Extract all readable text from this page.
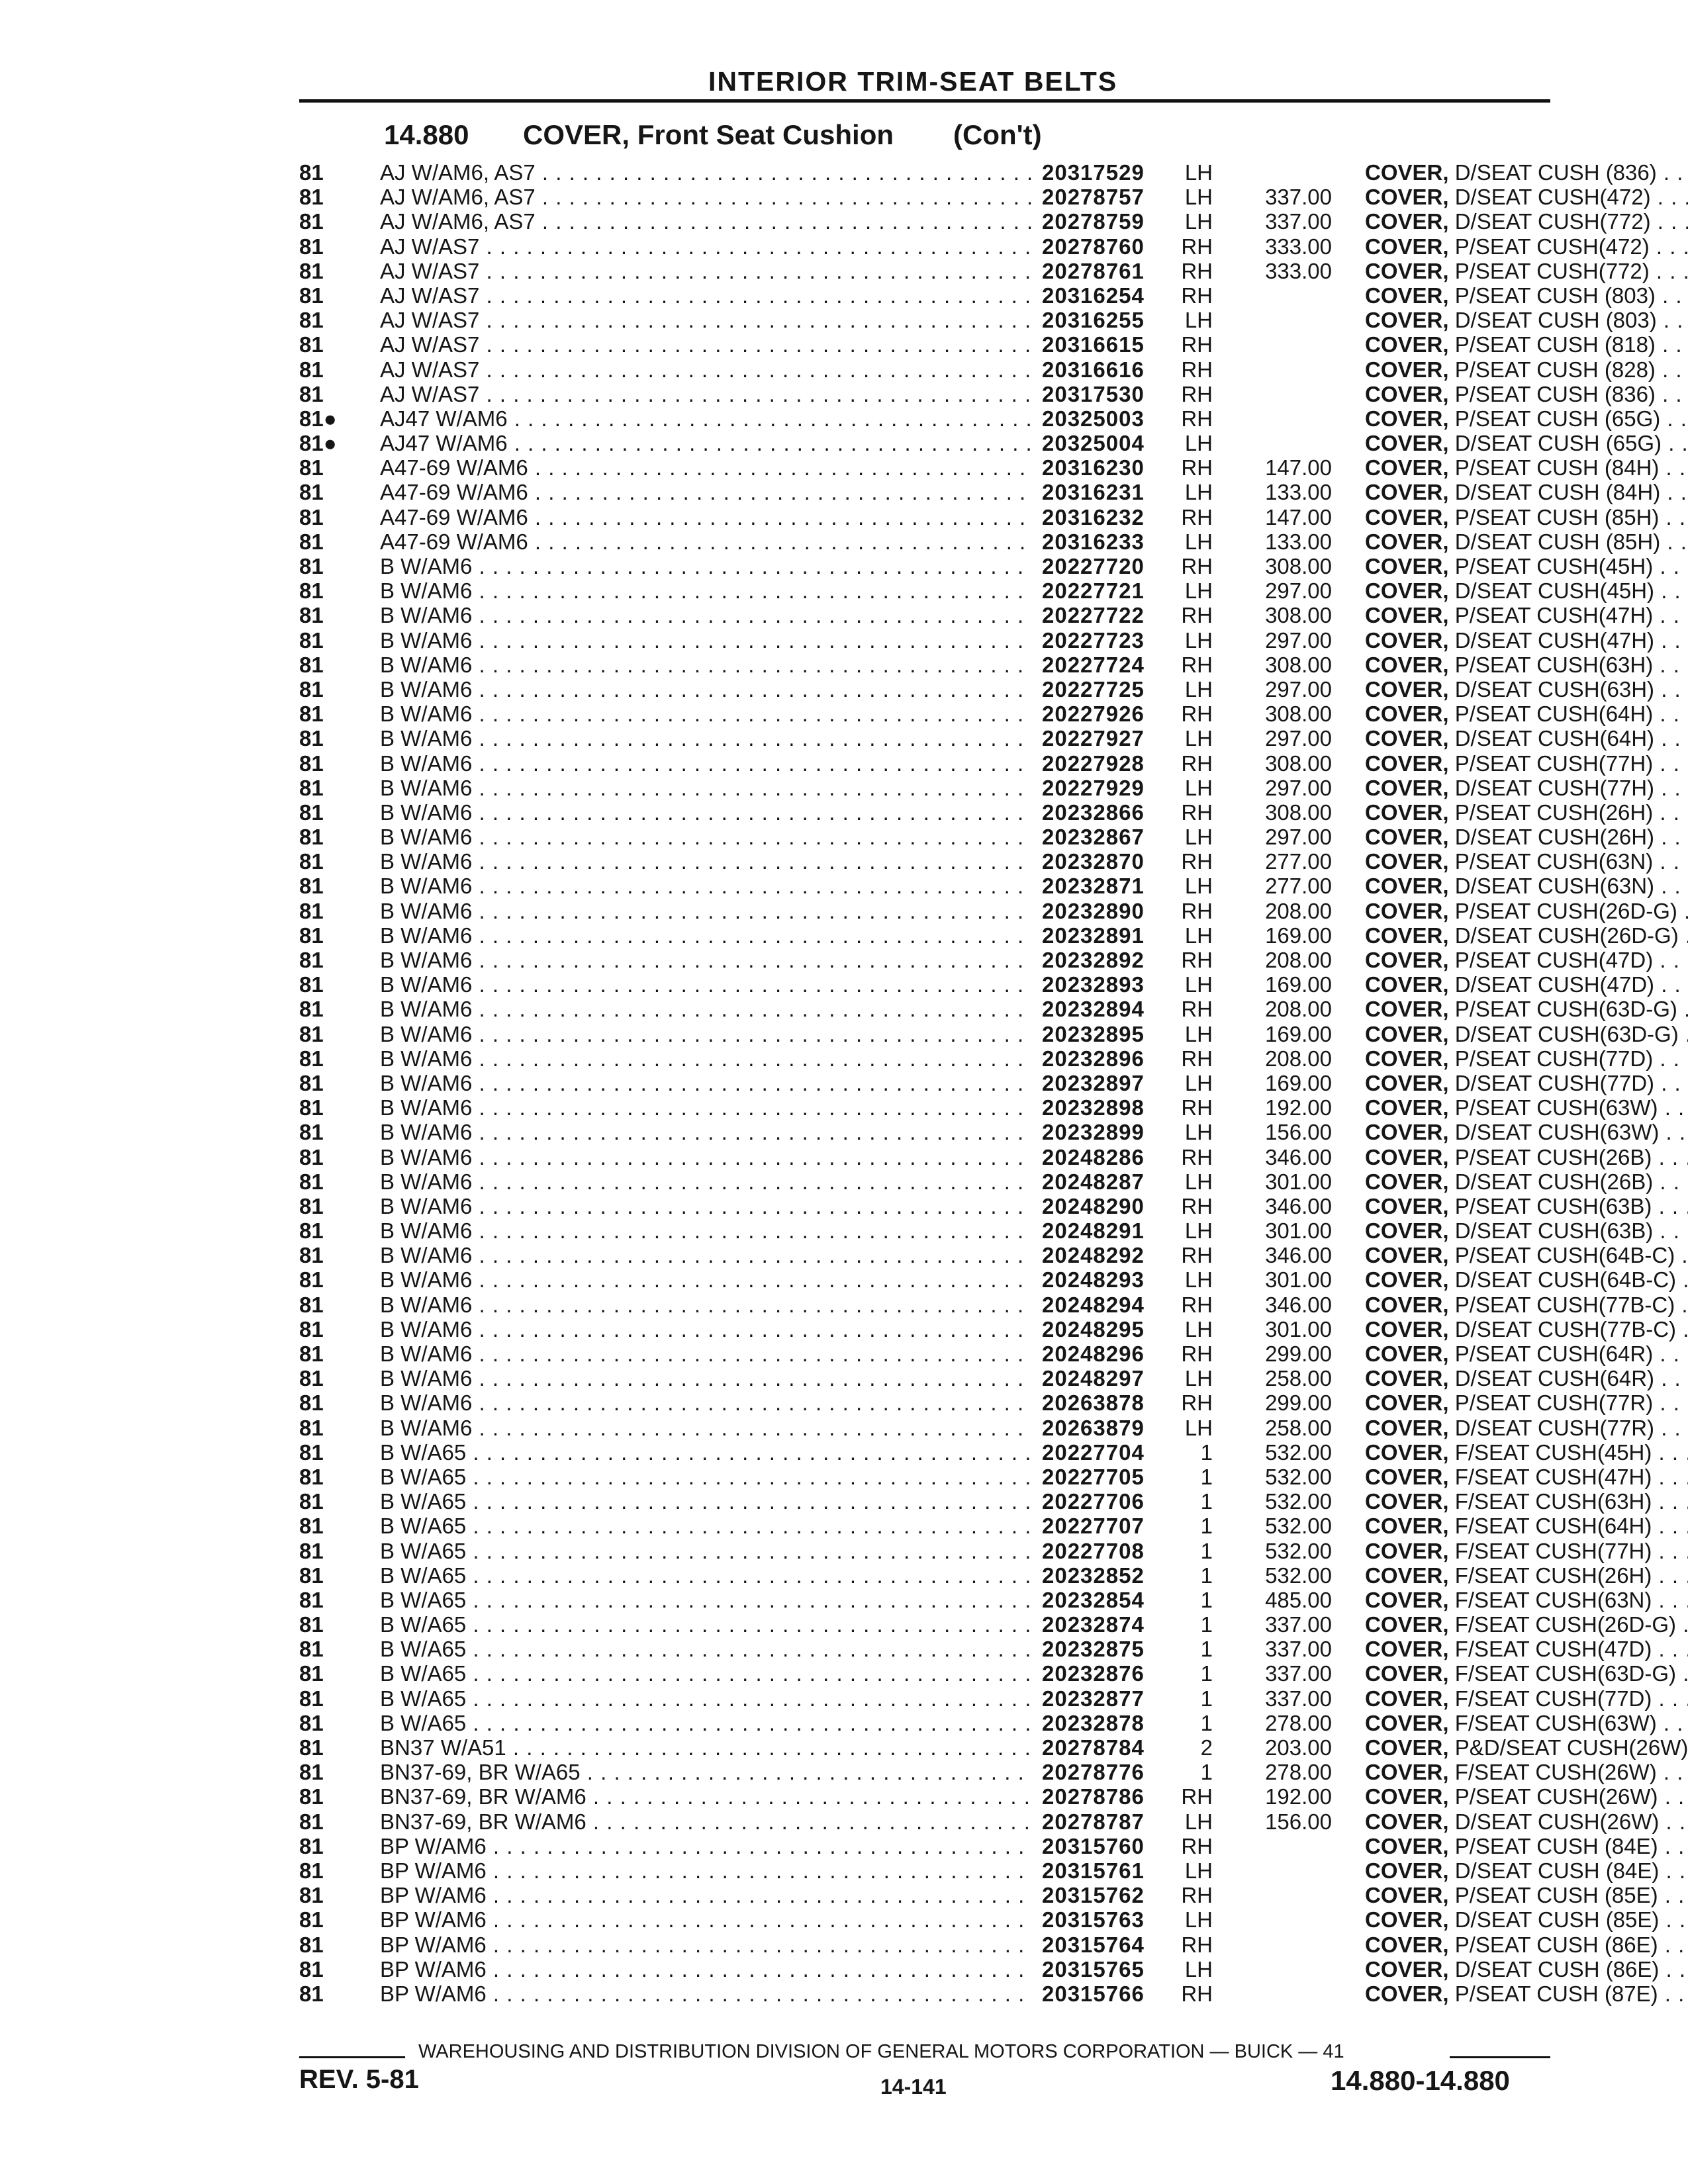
INTERIOR TRIM-SEAT BELTS
14.880 COVER, Front Seat Cushion (Con't)
81	AJ W/AM6, AS7 . . .	20317529	LH	COVER, D/SEAT CUSH (836) . . .
81	AJ W/AM6, AS7 . . .	20278757	LH	337.00 COVER, D/SEAT CUSH(472) . . .
81	AJ W/AM6, AS7 . . .	20278759	LH	337.00 COVER, D/SEAT CUSH(772) . . .
81	AJ W/AS7 . . .	20278760	RH	333.00 COVER, P/SEAT CUSH(472) . . .
81	AJ W/AS7 . . .	20278761	RH	333.00 COVER, P/SEAT CUSH(772) . . .
81	AJ W/AS7 . . .	20316254	RH	COVER, P/SEAT CUSH (803) . . .
81	AJ W/AS7 . . .	20316255	LH	COVER, D/SEAT CUSH (803) . . .
81	AJ W/AS7 . . .	20316615	RH	COVER, P/SEAT CUSH (818) . . .
81	AJ W/AS7 . . .	20316616	RH	COVER, P/SEAT CUSH (828) . . .
81	AJ W/AS7 . . .	20317530	RH	COVER, P/SEAT CUSH (836) . . .
81● AJ47 W/AM6 . . .	20325003	RH	COVER, P/SEAT CUSH (65G) . . .
81● AJ47 W/AM6 . . .	20325004	LH	COVER, D/SEAT CUSH (65G) . . .
81	A47-69 W/AM6 . . .	20316230	RH	147.00 COVER, P/SEAT CUSH (84H) . . .
81	A47-69 W/AM6 . . .	20316231	LH	133.00 COVER, D/SEAT CUSH (84H) . . .
81	A47-69 W/AM6 . . .	20316232	RH	147.00 COVER, P/SEAT CUSH (85H) . . .
81	A47-69 W/AM6 . . .	20316233	LH	133.00 COVER, D/SEAT CUSH (85H) . . .
81	B W/AM6 . . .	20227720	RH	308.00 COVER, P/SEAT CUSH(45H) . . .
81	B W/AM6 . . .	20227721	LH	297.00 COVER, D/SEAT CUSH(45H) . . .
81	B W/AM6 . . .	20227722	RH	308.00 COVER, P/SEAT CUSH(47H) . . .
81	B W/AM6 . . .	20227723	LH	297.00 COVER, D/SEAT CUSH(47H) . . .
81	B W/AM6 . . .	20227724	RH	308.00 COVER, P/SEAT CUSH(63H) . . .
81	B W/AM6 . . .	20227725	LH	297.00 COVER, D/SEAT CUSH(63H) . . .
81	B W/AM6 . . .	20227926	RH	308.00 COVER, P/SEAT CUSH(64H) . . .
81	B W/AM6 . . .	20227927	LH	297.00 COVER, D/SEAT CUSH(64H) . . .
81	B W/AM6 . . .	20227928	RH	308.00 COVER, P/SEAT CUSH(77H) . . .
81	B W/AM6 . . .	20227929	LH	297.00 COVER, D/SEAT CUSH(77H) . . .
81	B W/AM6 . . .	20232866	RH	308.00 COVER, P/SEAT CUSH(26H) . . .
81	B W/AM6 . . .	20232867	LH	297.00 COVER, D/SEAT CUSH(26H) . . .
81	B W/AM6 . . .	20232870	RH	277.00 COVER, P/SEAT CUSH(63N) . . .
81	B W/AM6 . . .	20232871	LH	277.00 COVER, D/SEAT CUSH(63N) . . .
81	B W/AM6 . . .	20232890	RH	208.00 COVER, P/SEAT CUSH(26D-G) . . .
81	B W/AM6 . . .	20232891	LH	169.00 COVER, D/SEAT CUSH(26D-G) . . .
81	B W/AM6 . . .	20232892	RH	208.00 COVER, P/SEAT CUSH(47D) . . .
81	B W/AM6 . . .	20232893	LH	169.00 COVER, D/SEAT CUSH(47D) . . .
81	B W/AM6 . . .	20232894	RH	208.00 COVER, P/SEAT CUSH(63D-G) . . .
81	B W/AM6 . . .	20232895	LH	169.00 COVER, D/SEAT CUSH(63D-G) . . .
81	B W/AM6 . . .	20232896	RH	208.00 COVER, P/SEAT CUSH(77D) . . .
81	B W/AM6 . . .	20232897	LH	169.00 COVER, D/SEAT CUSH(77D) . . .
81	B W/AM6 . . .	20232898	RH	192.00 COVER, P/SEAT CUSH(63W) . . .
81	B W/AM6 . . .	20232899	LH	156.00 COVER, D/SEAT CUSH(63W) . . .
81	B W/AM6 . . .	20248286	RH	346.00 COVER, P/SEAT CUSH(26B) . . .
81	B W/AM6 . . .	20248287	LH	301.00 COVER, D/SEAT CUSH(26B) . . .
81	B W/AM6 . . .	20248290	RH	346.00 COVER, P/SEAT CUSH(63B) . . .
81	B W/AM6 . . .	20248291	LH	301.00 COVER, D/SEAT CUSH(63B) . . .
81	B W/AM6 . . .	20248292	RH	346.00 COVER, P/SEAT CUSH(64B-C) . . .
81	B W/AM6 . . .	20248293	LH	301.00 COVER, D/SEAT CUSH(64B-C) . . .
81	B W/AM6 . . .	20248294	RH	346.00 COVER, P/SEAT CUSH(77B-C) . . .
81	B W/AM6 . . .	20248295	LH	301.00 COVER, D/SEAT CUSH(77B-C) . . .
81	B W/AM6 . . .	20248296	RH	299.00 COVER, P/SEAT CUSH(64R) . . .
81	B W/AM6 . . .	20248297	LH	258.00 COVER, D/SEAT CUSH(64R) . . .
81	B W/AM6 . . .	20263878	RH	299.00 COVER, P/SEAT CUSH(77R) . . .
81	B W/AM6 . . .	20263879	LH	258.00 COVER, D/SEAT CUSH(77R) . . .
81	B W/A65 . . .	20227704	1	532.00 COVER, F/SEAT CUSH(45H) . . .
81	B W/A65 . . .	20227705	1	532.00 COVER, F/SEAT CUSH(47H) . . .
81	B W/A65 . . .	20227706	1	532.00 COVER, F/SEAT CUSH(63H) . . .
81	B W/A65 . . .	20227707	1	532.00 COVER, F/SEAT CUSH(64H) . . .
81	B W/A65 . . .	20227708	1	532.00 COVER, F/SEAT CUSH(77H) . . .
81	B W/A65 . . .	20232852	1	532.00 COVER, F/SEAT CUSH(26H) . . .
81	B W/A65 . . .	20232854	1	485.00 COVER, F/SEAT CUSH(63N) . . .
81	B W/A65 . . .	20232874	1	337.00 COVER, F/SEAT CUSH(26D-G) . . .
81	B W/A65 . . .	20232875	1	337.00 COVER, F/SEAT CUSH(47D) . . .
81	B W/A65 . . .	20232876	1	337.00 COVER, F/SEAT CUSH(63D-G) . . .
81	B W/A65 . . .	20232877	1	337.00 COVER, F/SEAT CUSH(77D) . . .
81	B W/A65 . . .	20232878	1	278.00 COVER, F/SEAT CUSH(63W) . . .
81	BN37 W/A51 . . .	20278784	2	203.00 COVER, P&D/SEAT CUSH(26W) . . .
81	BN37-69, BR W/A65 . . .	20278776	1	278.00 COVER, F/SEAT CUSH(26W) . . .
81	BN37-69, BR W/AM6 . . .	20278786	RH	192.00 COVER, P/SEAT CUSH(26W) . . .
81	BN37-69, BR W/AM6 . . .	20278787	LH	156.00 COVER, D/SEAT CUSH(26W) . . .
81	BP W/AM6 . . .	20315760	RH	COVER, P/SEAT CUSH (84E) . . .
81	BP W/AM6 . . .	20315761	LH	COVER, D/SEAT CUSH (84E) . . .
81	BP W/AM6 . . .	20315762	RH	COVER, P/SEAT CUSH (85E) . . .
81	BP W/AM6 . . .	20315763	LH	COVER, D/SEAT CUSH (85E) . . .
81	BP W/AM6 . . .	20315764	RH	COVER, P/SEAT CUSH (86E) . . .
81	BP W/AM6 . . .	20315765	LH	COVER, D/SEAT CUSH (86E) . . .
81	BP W/AM6 . . .	20315766	RH	COVER, P/SEAT CUSH (87E) . . .
WAREHOUSING AND DISTRIBUTION DIVISION OF GENERAL MOTORS CORPORATION — BUICK — 41
REV. 5-81	14-141	14.880-14.880
